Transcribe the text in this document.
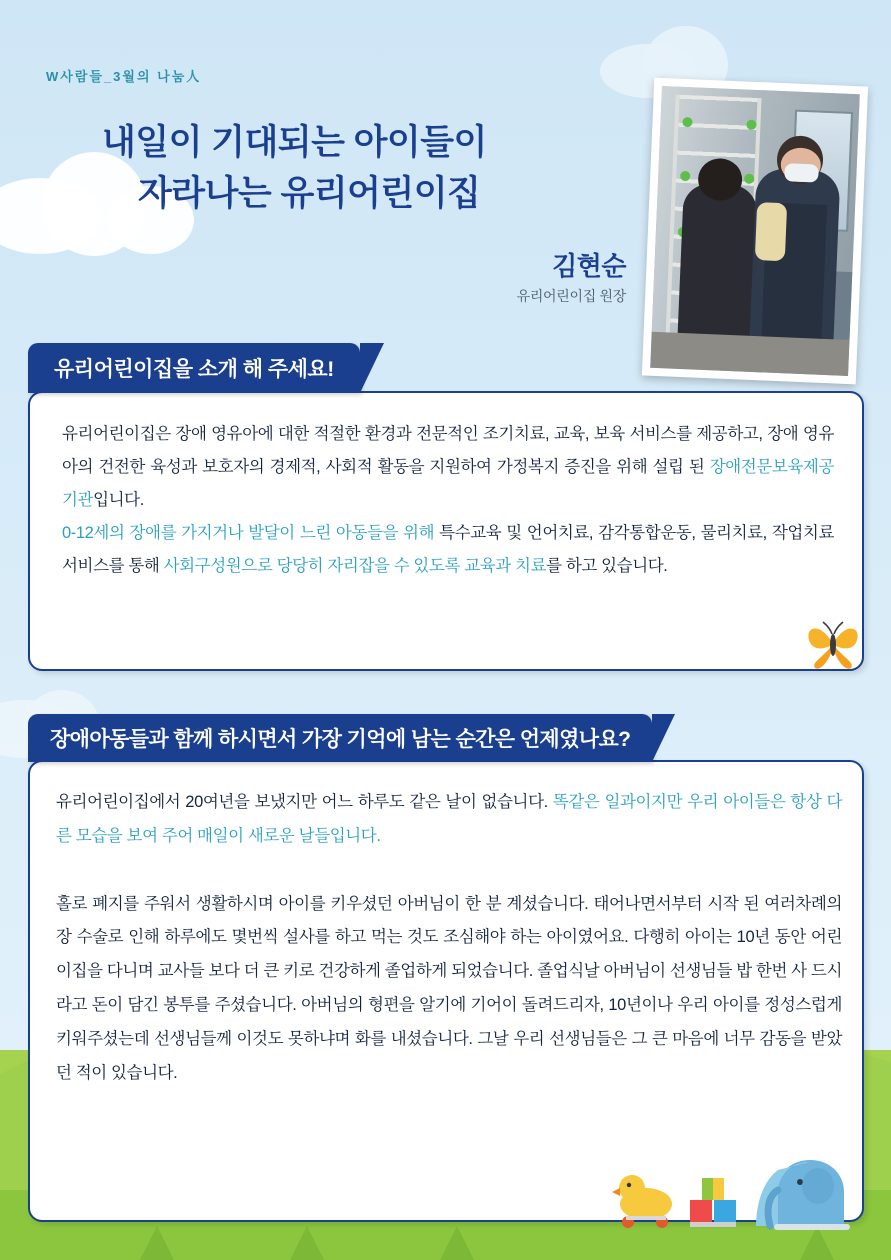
W사람들_3월의 나눔人
내일이 기대되는 아이들이
자라나는 유리어린이집
김현순
유리어린이집 원장
유리어린이집을 소개 해 주세요!
유리어린이집은 장애 영유아에 대한 적절한 환경과 전문적인 조기치료, 교육, 보육 서비스를 제공하고, 장애 영유아의 건전한 육성과 보호자의 경제적, 사회적 활동을 지원하여 가정복지 증진을 위해 설립 된 장애전문보육제공기관입니다.
0-12세의 장애를 가지거나 발달이 느린 아동들을 위해 특수교육 및 언어치료, 감각통합운동, 물리치료, 작업치료 서비스를 통해 사회구성원으로 당당히 자리잡을 수 있도록 교육과 치료를 하고 있습니다.
장애아동들과 함께 하시면서 가장 기억에 남는 순간은 언제였나요?
유리어린이집에서 20여년을 보냈지만 어느 하루도 같은 날이 없습니다. 똑같은 일과이지만 우리 아이들은 항상 다른 모습을 보여 주어 매일이 새로운 날들입니다.
홀로 폐지를 주워서 생활하시며 아이를 키우셨던 아버님이 한 분 계셨습니다. 태어나면서부터 시작 된 여러차례의 장 수술로 인해 하루에도 몇번씩 설사를 하고 먹는 것도 조심해야 하는 아이였어요. 다행히 아이는 10년 동안 어린이집을 다니며 교사들 보다 더 큰 키로 건강하게 졸업하게 되었습니다. 졸업식날 아버님이 선생님들 밥 한번 사 드시라고 돈이 담긴 봉투를 주셨습니다. 아버님의 형편을 알기에 기어이 돌려드리자, 10년이나 우리 아이를 정성스럽게 키워주셨는데 선생님들께 이것도 못하냐며 화를 내셨습니다. 그날 우리 선생님들은 그 큰 마음에 너무 감동을 받았던 적이 있습니다.
